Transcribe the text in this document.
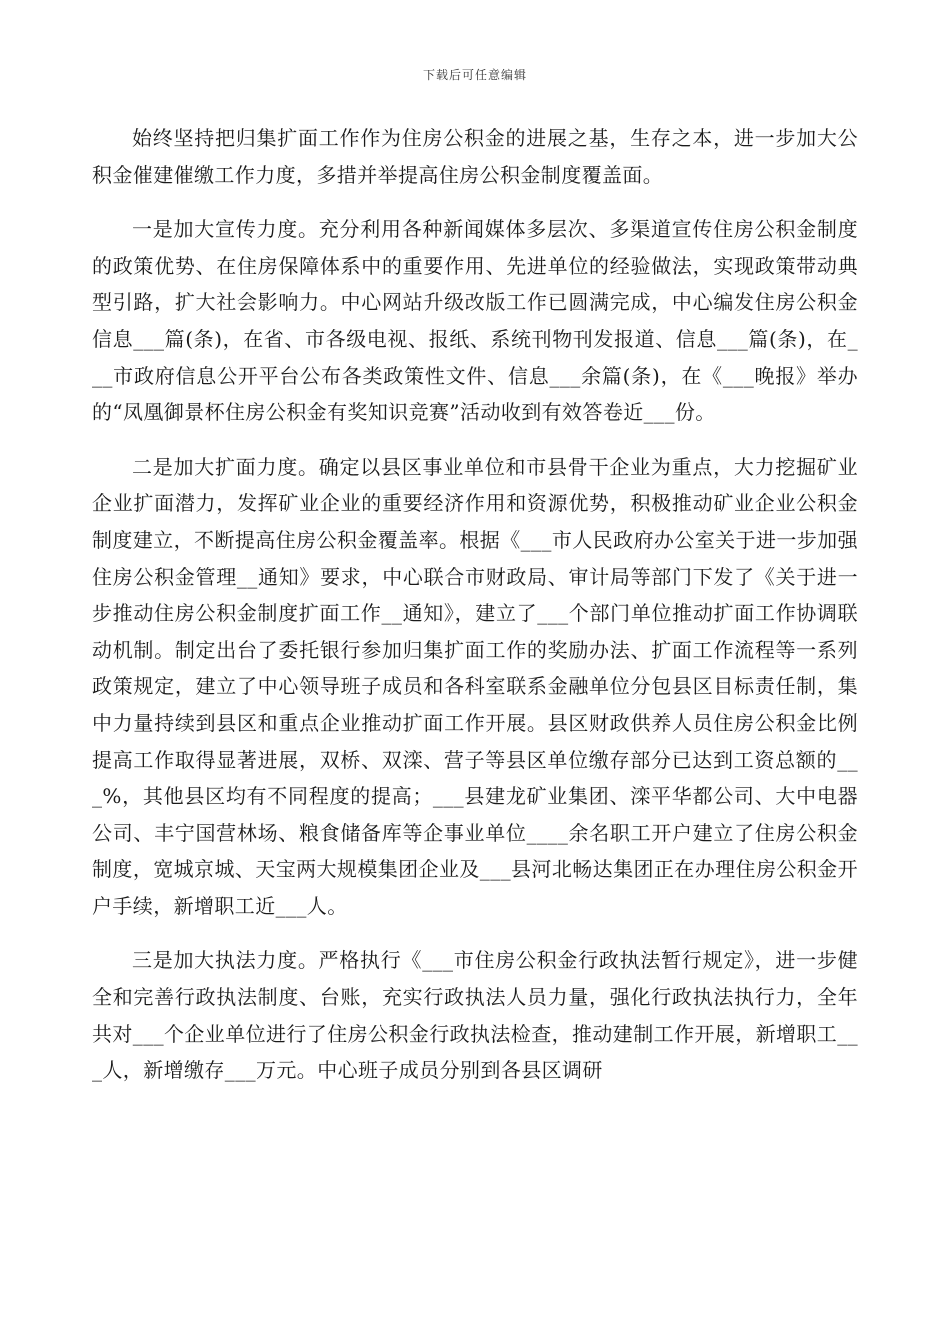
下载后可任意编辑

始终坚持把归集扩面工作作为住房公积金的进展之基，生存之本，进一步加大公积金催建催缴工作力度，多措并举提高住房公积金制度覆盖面。

一是加大宣传力度。充分利用各种新闻媒体多层次、多渠道宣传住房公积金制度的政策优势、在住房保障体系中的重要作用、先进单位的经验做法，实现政策带动典型引路，扩大社会影响力。中心网站升级改版工作已圆满完成，中心编发住房公积金信息___篇(条)，在省、市各级电视、报纸、系统刊物刊发报道、信息___篇(条)，在___市政府信息公开平台公布各类政策性文件、信息___余篇(条)，在《___晚报》举办的“凤凰御景杯住房公积金有奖知识竞赛”活动收到有效答卷近___份。

二是加大扩面力度。确定以县区事业单位和市县骨干企业为重点，大力挖掘矿业企业扩面潜力，发挥矿业企业的重要经济作用和资源优势，积极推动矿业企业公积金制度建立，不断提高住房公积金覆盖率。根据《___市人民政府办公室关于进一步加强住房公积金管理__通知》要求，中心联合市财政局、审计局等部门下发了《关于进一步推动住房公积金制度扩面工作__通知》，建立了___个部门单位推动扩面工作协调联动机制。制定出台了委托银行参加归集扩面工作的奖励办法、扩面工作流程等一系列政策规定，建立了中心领导班子成员和各科室联系金融单位分包县区目标责任制，集中力量持续到县区和重点企业推动扩面工作开展。县区财政供养人员住房公积金比例提高工作取得显著进展，双桥、双滦、营子等县区单位缴存部分已达到工资总额的___%，其他县区均有不同程度的提高；___县建龙矿业集团、滦平华都公司、大中电器公司、丰宁国营林场、粮食储备库等企事业单位____余名职工开户建立了住房公积金制度，宽城京城、天宝两大规模集团企业及___县河北畅达集团正在办理住房公积金开户手续，新增职工近___人。

三是加大执法力度。严格执行《___市住房公积金行政执法暂行规定》，进一步健全和完善行政执法制度、台账，充实行政执法人员力量，强化行政执法执行力，全年共对___个企业单位进行了住房公积金行政执法检查，推动建制工作开展，新增职工___人，新增缴存___万元。中心班子成员分别到各县区调研
